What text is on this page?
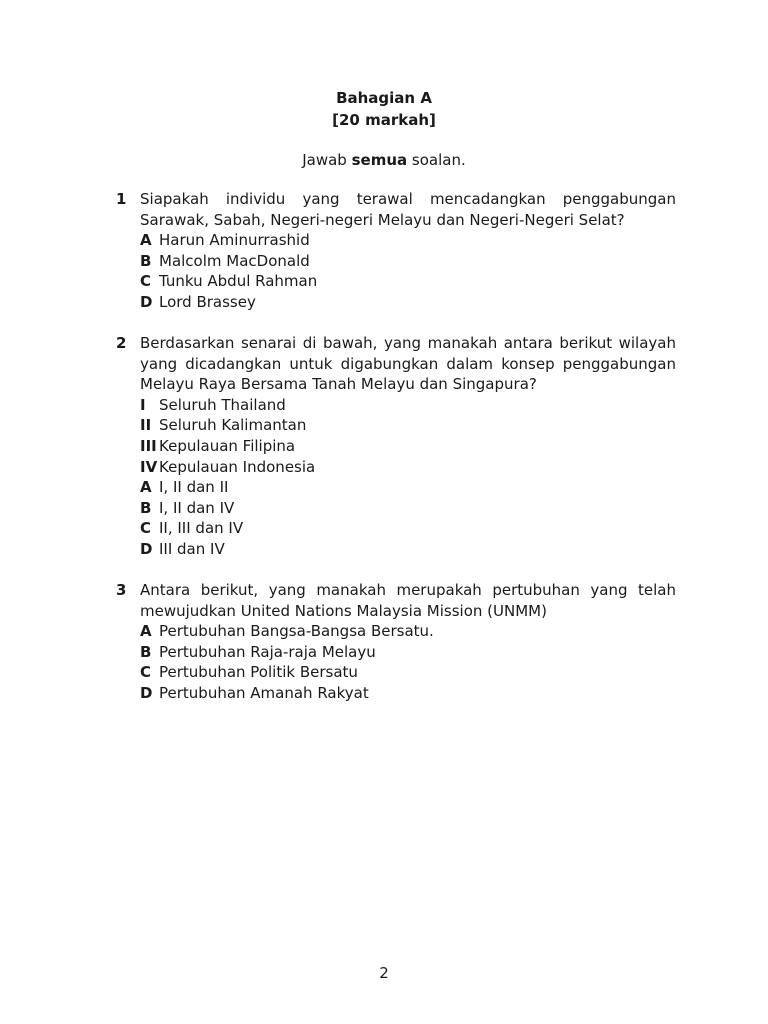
Bahagian A
[20 markah]
Jawab semua soalan.
1 Siapakah individu yang terawal mencadangkan penggabungan Sarawak, Sabah, Negeri-negeri Melayu dan Negeri-Negeri Selat?
A Harun Aminurrashid
B Malcolm MacDonald
C Tunku Abdul Rahman
D Lord Brassey
2 Berdasarkan senarai di bawah, yang manakah antara berikut wilayah yang dicadangkan untuk digabungkan dalam konsep penggabungan Melayu Raya Bersama Tanah Melayu dan Singapura?
I Seluruh Thailand
II Seluruh Kalimantan
III Kepulauan Filipina
IV Kepulauan Indonesia
A I, II dan II
B I, II dan IV
C II, III dan IV
D III dan IV
3 Antara berikut, yang manakah merupakah pertubuhan yang telah mewujudkan United Nations Malaysia Mission (UNMM)
A Pertubuhan Bangsa-Bangsa Bersatu.
B Pertubuhan Raja-raja Melayu
C Pertubuhan Politik Bersatu
D Pertubuhan Amanah Rakyat
2
